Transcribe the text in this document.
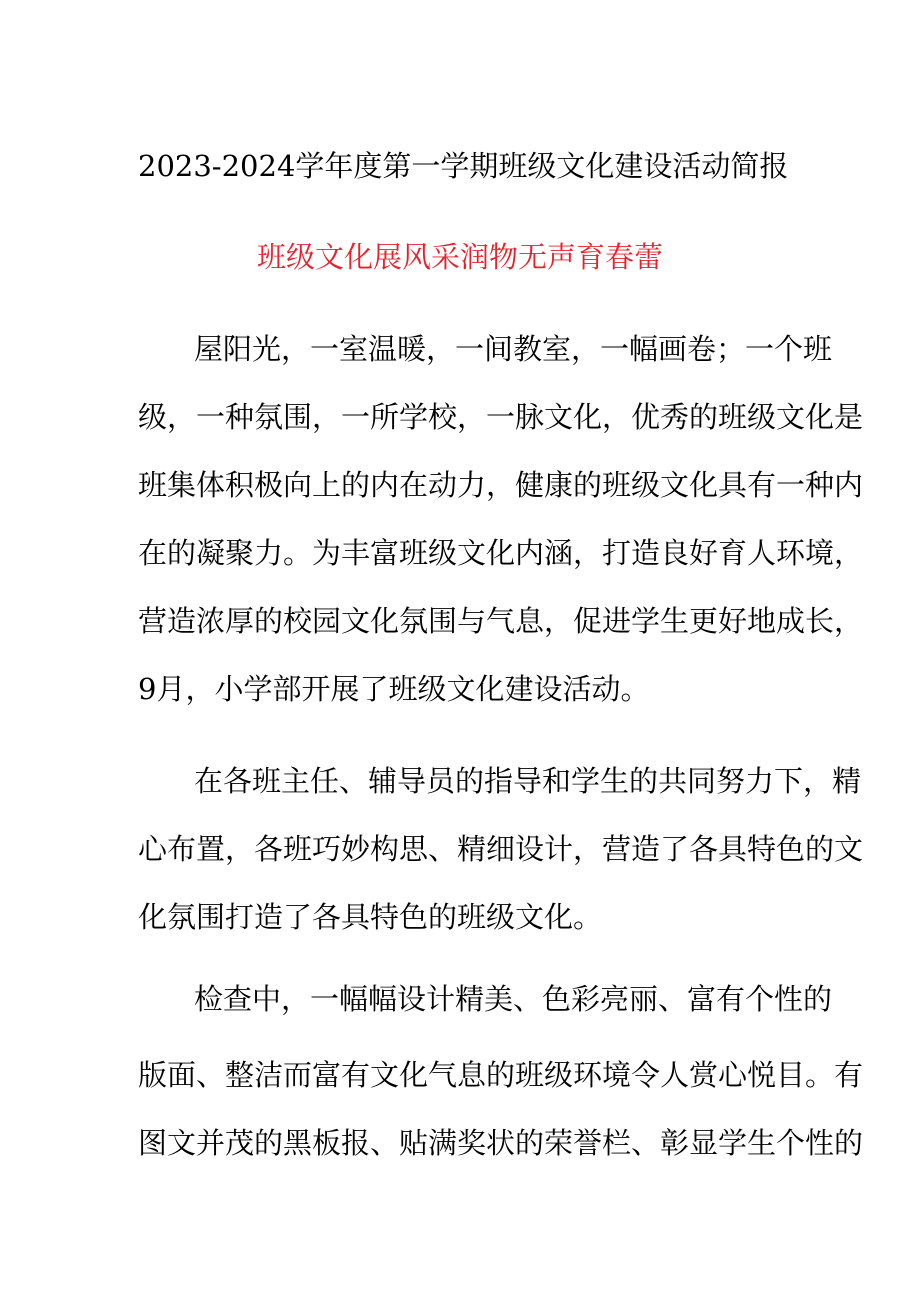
2023-2024学年度第一学期班级文化建设活动简报
班级文化展风采润物无声育春蕾
屋阳光，一室温暖，一间教室，一幅画卷；一个班
级，一种氛围，一所学校，一脉文化，优秀的班级文化是
班集体积极向上的内在动力，健康的班级文化具有一种内
在的凝聚力。为丰富班级文化内涵，打造良好育人环境，
营造浓厚的校园文化氛围与气息，促进学生更好地成长，
9月，小学部开展了班级文化建设活动。
在各班主任、辅导员的指导和学生的共同努力下，精
心布置，各班巧妙构思、精细设计，营造了各具特色的文
化氛围打造了各具特色的班级文化。
检查中，一幅幅设计精美、色彩亮丽、富有个性的
版面、整洁而富有文化气息的班级环境令人赏心悦目。有
图文并茂的黑板报、贴满奖状的荣誉栏、彰显学生个性的
